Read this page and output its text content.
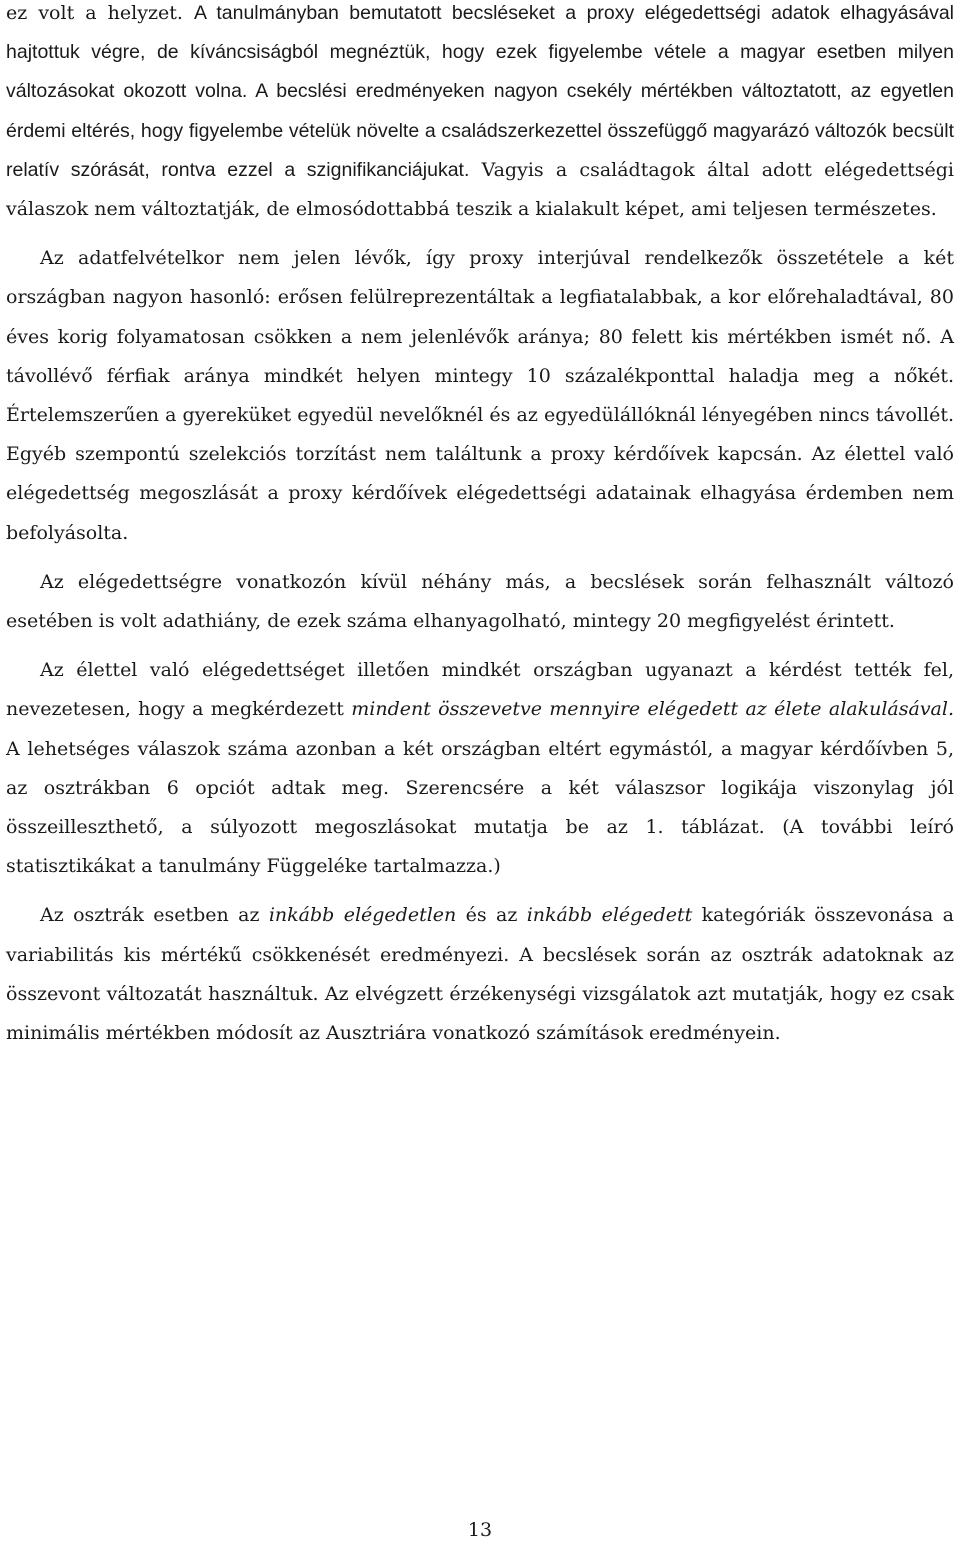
ez volt a helyzet. A tanulmányban bemutatott becsléseket a proxy elégedettségi adatok elhagyásával hajtottuk végre, de kíváncsiságból megnéztük, hogy ezek figyelembe vétele a magyar esetben milyen változásokat okozott volna. A becslési eredményeken nagyon csekély mértékben változtatott, az egyetlen érdemi eltérés, hogy figyelembe vételük növelte a családszerkezettel összefüggő magyarázó változók becsült relatív szórását, rontva ezzel a szignifikanciájukat. Vagyis a családtagok által adott elégedettségi válaszok nem változtatják, de elmosódottabbá teszik a kialakult képet, ami teljesen természetes.

Az adatfelvételkor nem jelen lévők, így proxy interjúval rendelkezők összetétele a két országban nagyon hasonló: erősen felülreprezentáltak a legfiatalabbak, a kor előrehaladtával, 80 éves korig folyamatosan csökken a nem jelenlévők aránya; 80 felett kis mértékben ismét nő. A távollévő férfiak aránya mindkét helyen mintegy 10 százalékponttal haladja meg a nőkét. Értelemszerűen a gyereküket egyedül nevelőknél és az egyedülállóknál lényegében nincs távollét. Egyéb szempontú szelekciós torzítást nem találtunk a proxy kérdőívek kapcsán. Az élettel való elégedettség megoszlását a proxy kérdőívek elégedettségi adatainak elhagyása érdemben nem befolyásolta.

Az elégedettségre vonatkozón kívül néhány más, a becslések során felhasznált változó esetében is volt adathiány, de ezek száma elhanyagolható, mintegy 20 megfigyelést érintett.

Az élettel való elégedettséget illetően mindkét országban ugyanazt a kérdést tették fel, nevezetesen, hogy a megkérdezett mindent összevetve mennyire elégedett az élete alakulásával. A lehetséges válaszok száma azonban a két országban eltért egymástól, a magyar kérdőívben 5, az osztrákban 6 opciót adtak meg. Szerencsére a két válaszsor logikája viszonylag jól összeilleszthető, a súlyozott megoszlásokat mutatja be az 1. táblázat. (A további leíró statisztikákat a tanulmány Függeléke tartalmazza.)

Az osztrák esetben az inkább elégedetlen és az inkább elégedett kategóriák összevonása a variabilitás kis mértékű csökkenését eredményezi. A becslések során az osztrák adatoknak az összevont változatát használtuk. Az elvégzett érzékenységi vizsgálatok azt mutatják, hogy ez csak minimális mértékben módosít az Ausztriára vonatkozó számítások eredményein.

13
